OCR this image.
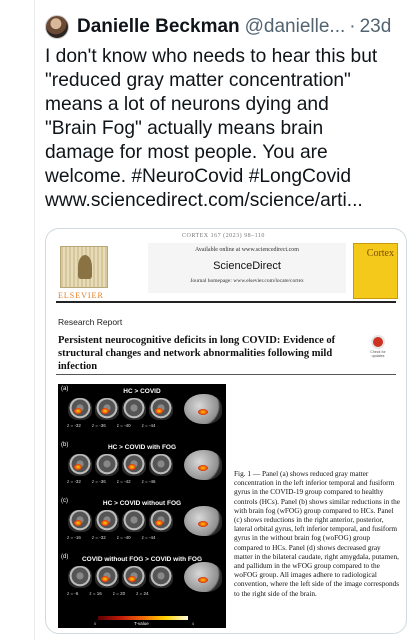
Danielle Beckman @danielle... · 23d
I don't know who needs to hear this but
"reduced gray matter concentration"
means a lot of neurons dying and
"Brain Fog" actually means brain
damage for most people. You are
welcome. #NeuroCovid #LongCovid
www.sciencedirect.com/science/arti...
CORTEX 167 (2023) 98–110
ELSEVIER
Available online at www.sciencedirect.com
ScienceDirect
Journal homepage: www.elsevier.com/locate/cortex
Cortex
Research Report
Persistent neurocognitive deficits in long COVID: Evidence of structural changes and network abnormalities following mild infection
Check for updates
(a)	HC > COVID
z = -32 z = -36 z = -40 z = -44
(b)	HC > COVID with FOG
z = -32 z = -36 z = -42 z = -46
(c)	HC > COVID without FOG
z = -16 z = -32 z = -40 z = -44
(d)	COVID without FOG > COVID with FOG
z = -6 z = 16 z = 20 z = 24
0	T-value	4
Fig. 1 — Panel (a) shows reduced gray matter concentration in the left inferior temporal and fusiform gyrus in the COVID-19 group compared to healthy controls (HCs). Panel (b) shows similar reductions in the with brain fog (wFOG) group compared to HCs. Panel (c) shows reductions in the right anterior, posterior, lateral orbital gyrus, left inferior temporal, and fusiform gyrus in the without brain fog (woFOG) group compared to HCs. Panel (d) shows decreased gray matter in the bilateral caudate, right amygdala, putamen, and pallidum in the wFOG group compared to the woFOG group. All images adhere to radiological convention, where the left side of the image corresponds to the right side of the brain.
